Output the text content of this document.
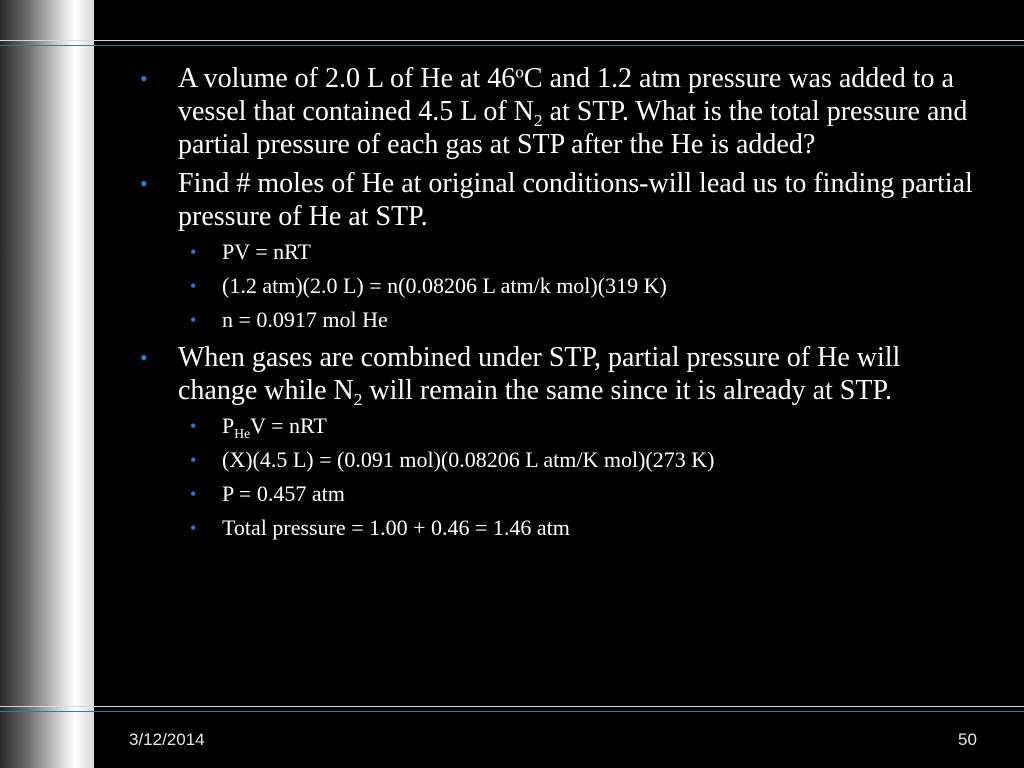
• A volume of 2.0 L of He at 46$^o$C and 1.2 atm pressure was added to a vessel that contained 4.5 L of $N_2$ at STP. What is the total pressure and partial pressure of each gas at STP after the He is added?
• Find # moles of He at original conditions-will lead us to finding partial pressure of He at STP.
• PV = nRT
• (1.2 atm)(2.0 L) = n(0.08206 L atm/k mol)(319 K)
• n = 0.0917 mol He
• When gases are combined under STP, partial pressure of He will change while $N_2$ will remain the same since it is already at STP.
• $P_{He}V$ = nRT
• (X)(4.5 L) = (0.091 mol)(0.08206 L atm/K mol)(273 K)
• P = 0.457 atm
• Total pressure = 1.00 + 0.46 = 1.46 atm
3/12/2014	50
